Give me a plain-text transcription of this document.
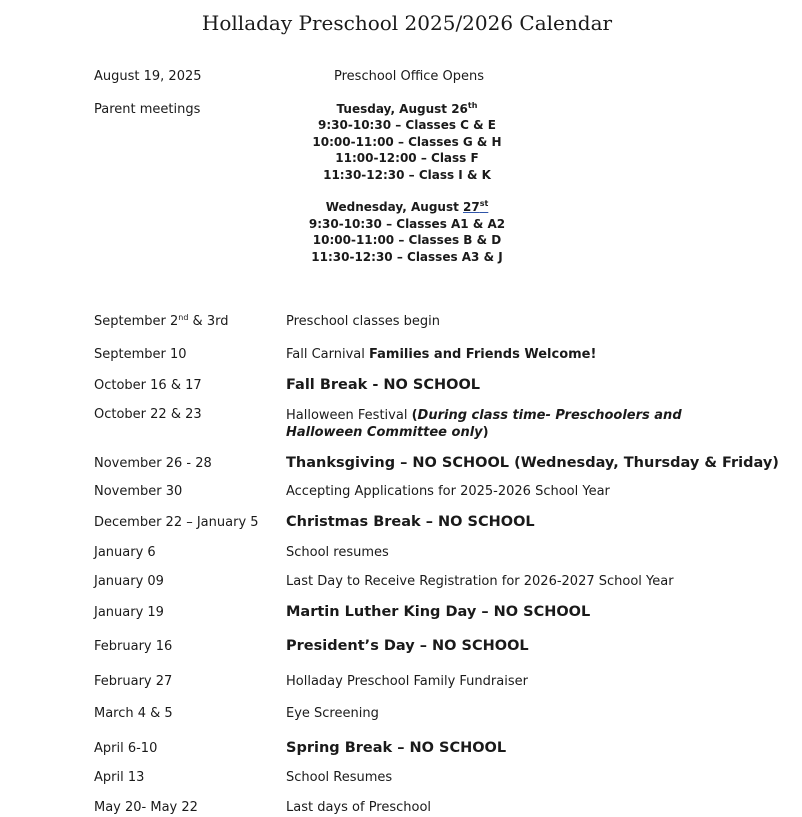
Holladay Preschool 2025/2026 Calendar
August 19, 2025	Preschool Office Opens
Parent meetings	Tuesday, August 26th
9:30-10:30 – Classes C & E
10:00-11:00 – Classes G & H
11:00-12:00 – Class F
11:30-12:30 – Class I & K
Wednesday, August 27st
9:30-10:30 – Classes A1 & A2
10:00-11:00 – Classes B & D
11:30-12:30 – Classes A3 & J
September 2nd & 3rd	Preschool classes begin
September 10	Fall Carnival Families and Friends Welcome!
October 16 & 17	Fall Break - NO SCHOOL
October 22 & 23	Halloween Festival (During class time- Preschoolers and Halloween Committee only)
November 26 - 28	Thanksgiving – NO SCHOOL (Wednesday, Thursday & Friday)
November 30	Accepting Applications for 2025-2026 School Year
December 22 – January 5 Christmas Break – NO SCHOOL
January 6	School resumes
January 09	Last Day to Receive Registration for 2026-2027 School Year
January 19	Martin Luther King Day – NO SCHOOL
February 16	President’s Day – NO SCHOOL
February 27	Holladay Preschool Family Fundraiser
March 4 & 5	Eye Screening
April 6-10	Spring Break – NO SCHOOL
April 13	School Resumes
May 20- May 22	Last days of Preschool
